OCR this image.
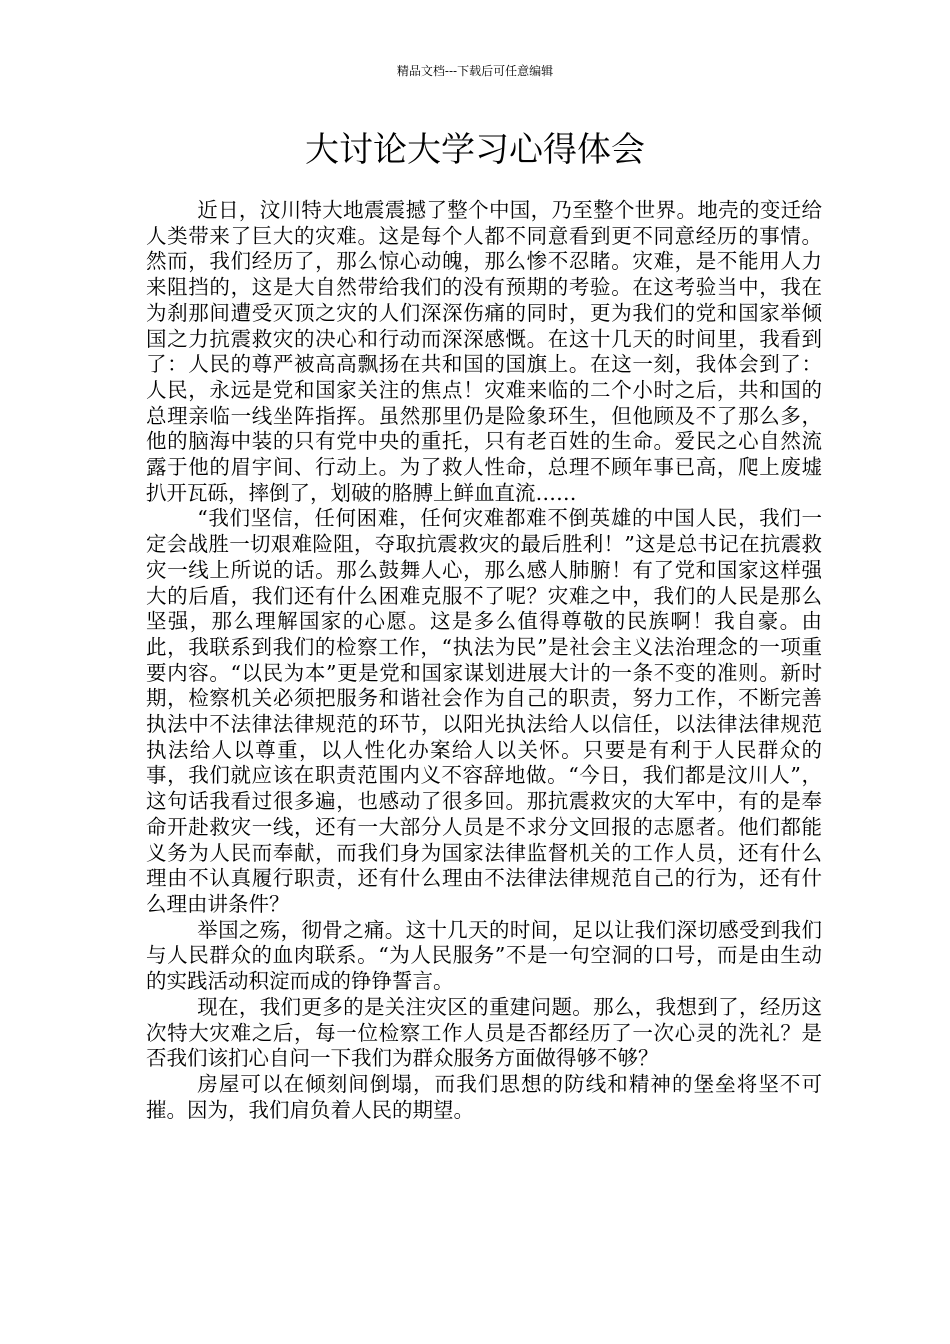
精品文档---下载后可任意编辑
大讨论大学习心得体会

近日，汶川特大地震震撼了整个中国，乃至整个世界。地壳的变迁给人类带来了巨大的灾难。这是每个人都不同意看到更不同意经历的事情。然而，我们经历了，那么惊心动魄，那么惨不忍睹。灾难，是不能用人力来阻挡的，这是大自然带给我们的没有预期的考验。在这考验当中，我在为刹那间遭受灭顶之灾的人们深深伤痛的同时，更为我们的党和国家举倾国之力抗震救灾的决心和行动而深深感慨。在这十几天的时间里，我看到了：人民的尊严被高高飘扬在共和国的国旗上。在这一刻，我体会到了：人民，永远是党和国家关注的焦点！灾难来临的二个小时之后，共和国的总理亲临一线坐阵指挥。虽然那里仍是险象环生，但他顾及不了那么多，他的脑海中装的只有党中央的重托，只有老百姓的生命。爱民之心自然流露于他的眉宇间、行动上。为了救人性命，总理不顾年事已高，爬上废墟扒开瓦砾，摔倒了，划破的胳膊上鲜血直流……

“我们坚信，任何困难，任何灾难都难不倒英雄的中国人民，我们一定会战胜一切艰难险阻，夺取抗震救灾的最后胜利！”这是总书记在抗震救灾一线上所说的话。那么鼓舞人心，那么感人肺腑！有了党和国家这样强大的后盾，我们还有什么困难克服不了呢？灾难之中，我们的人民是那么坚强，那么理解国家的心愿。这是多么值得尊敬的民族啊！我自豪。由此，我联系到我们的检察工作，“执法为民”是社会主义法治理念的一项重要内容。“以民为本”更是党和国家谋划进展大计的一条不变的准则。新时期，检察机关必须把服务和谐社会作为自己的职责，努力工作，不断完善执法中不法律法律规范的环节，以阳光执法给人以信任，以法律法律规范执法给人以尊重，以人性化办案给人以关怀。只要是有利于人民群众的事，我们就应该在职责范围内义不容辞地做。“今日，我们都是汶川人”，这句话我看过很多遍，也感动了很多回。那抗震救灾的大军中，有的是奉命开赴救灾一线，还有一大部分人员是不求分文回报的志愿者。他们都能义务为人民而奉献，而我们身为国家法律监督机关的工作人员，还有什么理由不认真履行职责，还有什么理由不法律法律规范自己的行为，还有什么理由讲条件？

举国之殇，彻骨之痛。这十几天的时间，足以让我们深切感受到我们与人民群众的血肉联系。“为人民服务”不是一句空洞的口号，而是由生动的实践活动积淀而成的铮铮誓言。

现在，我们更多的是关注灾区的重建问题。那么，我想到了，经历这次特大灾难之后，每一位检察工作人员是否都经历了一次心灵的洗礼？是否我们该扪心自问一下我们为群众服务方面做得够不够？

房屋可以在倾刻间倒塌，而我们思想的防线和精神的堡垒将坚不可摧。因为，我们肩负着人民的期望。
